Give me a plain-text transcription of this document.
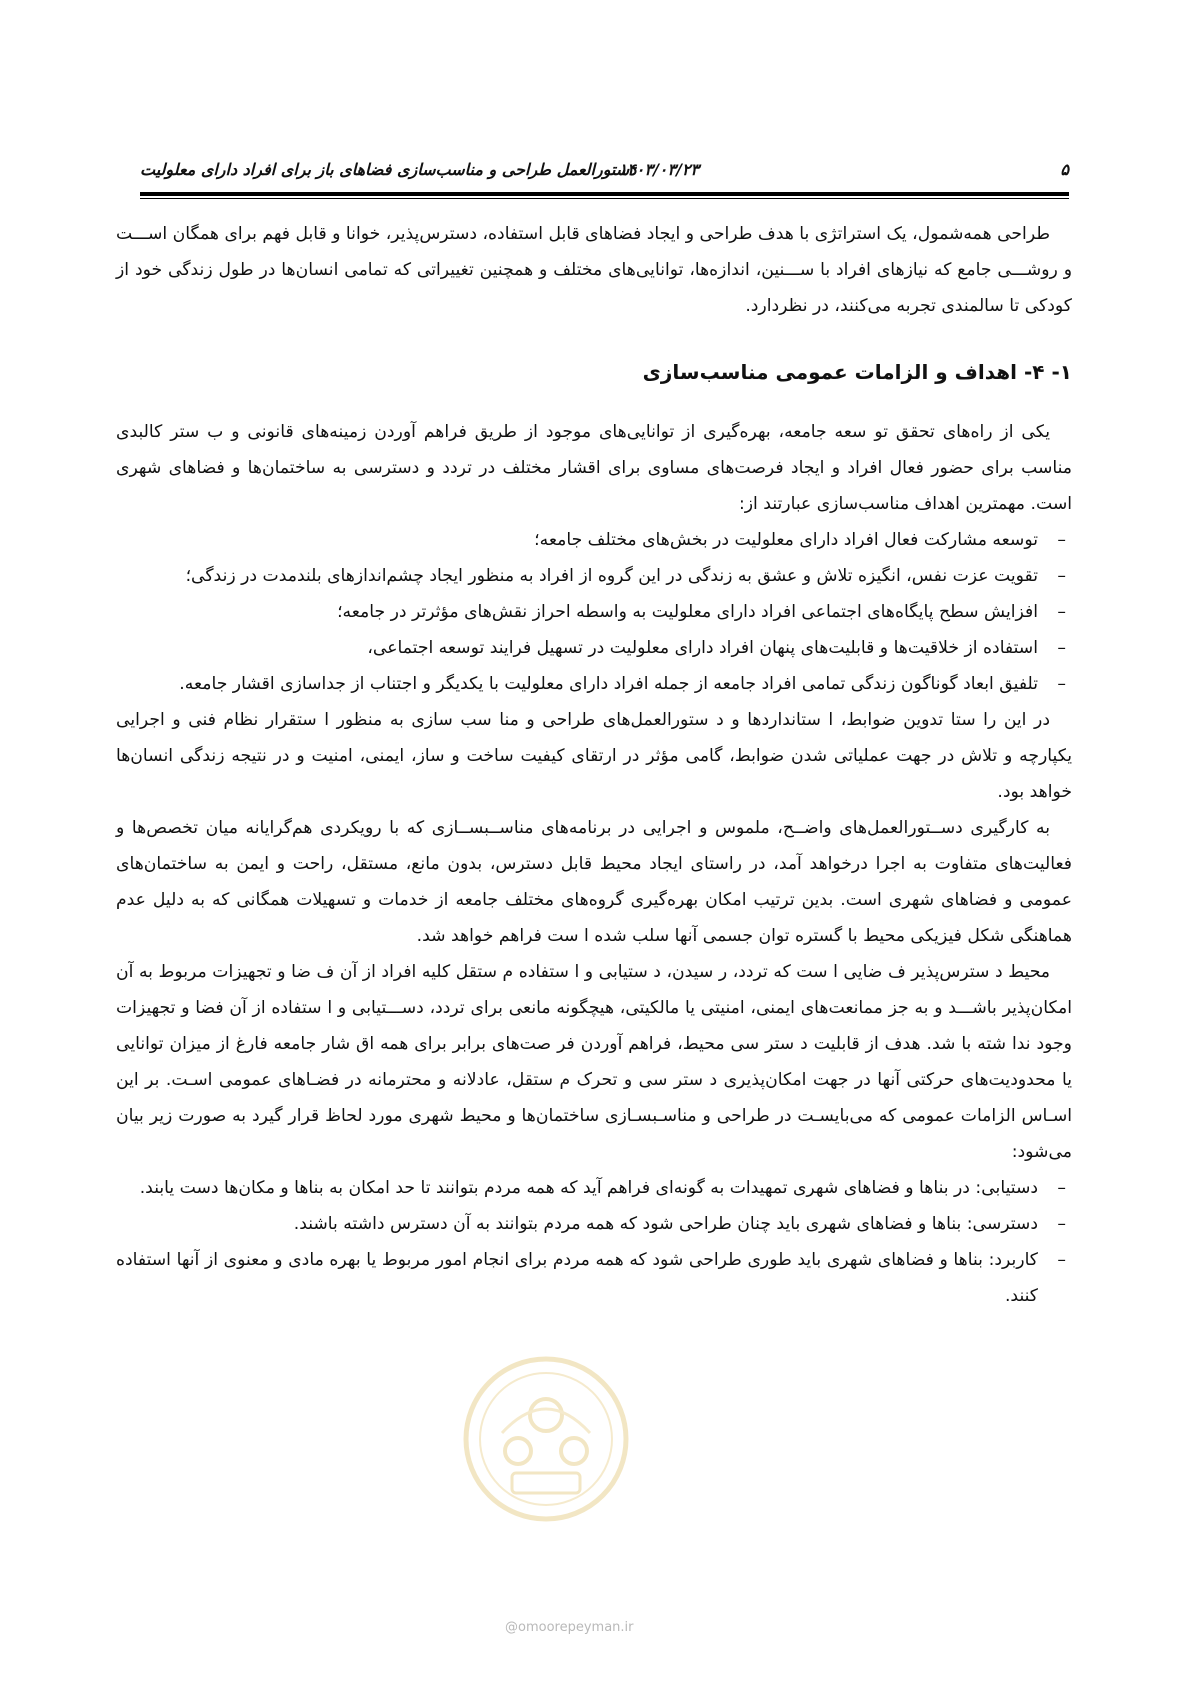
۵
۱۴۰۳/۰۳/۲۳
دستورالعمل طراحی و مناسب‌سازی فضاهای باز برای افراد دارای معلولیت

طراحی همه‌شمول، یک استراتژی با هدف طراحی و ایجاد فضاهای قابل استفاده، دسترس‌پذیر، خوانا و قابل فهم برای همگان اســـت و روشـــی جامع که نیازهای افراد با ســـنین، اندازه‌ها، توانایی‌های مختلف و همچنین تغییراتی که تمامی انسان‌ها در طول زندگی خود از کودکی تا سالمندی تجربه می‌کنند، در نظردارد.

۱- ۴- اهداف و الزامات عمومی مناسب‌سازی

یکی از راه‌های تحقق تو سعه جامعه، بهره‌گیری از توانایی‌های موجود از طریق فراهم آوردن زمینه‌های قانونی و ب ستر کالبدی مناسب برای حضور فعال افراد و ایجاد فرصت‌های مساوی برای اقشار مختلف در تردد و دسترسی به ساختمان‌ها و فضاهای شهری است. مهمترین اهداف مناسب‌سازی عبارتند از:

– توسعه مشارکت فعال افراد دارای معلولیت در بخش‌های مختلف جامعه؛
– تقویت عزت نفس، انگیزه تلاش و عشق به زندگی در این گروه از افراد به منظور ایجاد چشم‌اندازهای بلندمدت در زندگی؛
– افزایش سطح پایگاه‌های اجتماعی افراد دارای معلولیت به واسطه احراز نقش‌های مؤثرتر در جامعه؛
– استفاده از خلاقیت‌ها و قابلیت‌های پنهان افراد دارای معلولیت در تسهیل فرایند توسعه اجتماعی،
– تلفیق ابعاد گوناگون زندگی تمامی افراد جامعه از جمله افراد دارای معلولیت با یکدیگر و اجتناب از جداسازی اقشار جامعه.

در این را ستا تدوین ضوابط، ا ستانداردها و د ستورالعمل‌های طراحی و منا سب سازی به منظور ا ستقرار نظام فنی و اجرایی یکپارچه و تلاش در جهت عملیاتی شدن ضوابط، گامی مؤثر در ارتقای کیفیت ساخت و ساز، ایمنی، امنیت و در نتیجه زندگی انسان‌ها خواهد بود.

به کارگیری دســتورالعمل‌های واضــح، ملموس و اجرایی در برنامه‌های مناســبســازی که با رویکردی هم‌گرایانه میان تخصص‌ها و فعالیت‌های متفاوت به اجرا درخواهد آمد، در راستای ایجاد محیط قابل دسترس، بدون مانع، مستقل، راحت و ایمن به ساختمان‌های عمومی و فضاهای شهری است. بدین ترتیب امکان بهره‌گیری گروه‌های مختلف جامعه از خدمات و تسهیلات همگانی که به دلیل عدم هماهنگی شکل فیزیکی محیط با گستره توان جسمی آنها سلب شده ا ست فراهم خواهد شد.

محیط د سترس‌پذیر ف ضایی ا ست که تردد، ر سیدن، د ستیابی و ا ستفاده م ستقل کلیه افراد از آن ف ضا و تجهیزات مربوط به آن امکان‌پذیر باشـــد و به جز ممانعت‌های ایمنی، امنیتی یا مالکیتی، هیچگونه مانعی برای تردد، دســـتیابی و ا ستفاده از آن فضا و تجهیزات وجود ندا شته با شد. هدف از قابلیت د ستر سی محیط، فراهم آوردن فر صت‌های برابر برای همه اق شار جامعه فارغ از میزان توانایی یا محدودیت‌های حرکتی آنها در جهت امکان‌پذیری د ستر سی و تحرک م ستقل، عادلانه و محترمانه در فضـاهای عمومی اسـت. بر این اسـاس الزامات عمومی که می‌بایسـت در طراحی و مناسـبسـازی ساختمان‌ها و محیط شهری مورد لحاظ قرار گیرد به صورت زیر بیان می‌شود:

– دستیابی: در بناها و فضاهای شهری تمهیدات به گونه‌ای فراهم آید که همه مردم بتوانند تا حد امکان به بناها و مکان‌ها دست یابند.
– دسترسی: بناها و فضاهای شهری باید چنان طراحی شود که همه مردم بتوانند به آن دسترس داشته باشند.
– کاربرد: بناها و فضاهای شهری باید طوری طراحی شود که همه مردم برای انجام امور مربوط یا بهره مادی و معنوی از آنها استفاده کنند.
@omoorepeyman.ir
